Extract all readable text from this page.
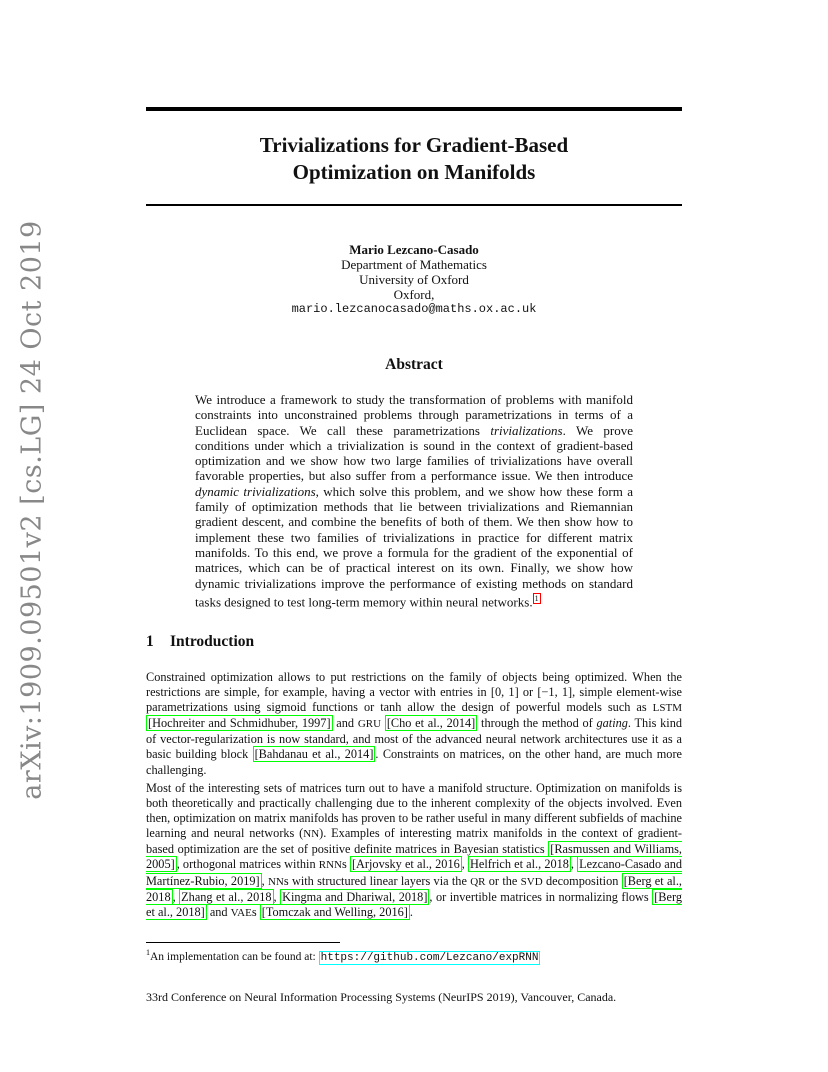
arXiv:1909.09501v2 [cs.LG] 24 Oct 2019
Trivializations for Gradient-Based
Optimization on Manifolds
Mario Lezcano-Casado
Department of Mathematics
University of Oxford
Oxford,
mario.lezcanocasado@maths.ox.ac.uk
Abstract
We introduce a framework to study the transformation of problems with manifold constraints into unconstrained problems through parametrizations in terms of a Euclidean space. We call these parametrizations trivializations. We prove conditions under which a trivialization is sound in the context of gradient-based optimization and we show how two large families of trivializations have overall favorable properties, but also suffer from a performance issue. We then introduce dynamic trivializations, which solve this problem, and we show how these form a family of optimization methods that lie between trivializations and Riemannian gradient descent, and combine the benefits of both of them. We then show how to implement these two families of trivializations in practice for different matrix manifolds. To this end, we prove a formula for the gradient of the exponential of matrices, which can be of practical interest on its own. Finally, we show how dynamic trivializations improve the performance of existing methods on standard tasks designed to test long-term memory within neural networks. $^1$
1 Introduction
Constrained optimization allows to put restrictions on the family of objects being optimized. When the restrictions are simple, for example, having a vector with entries in [0, 1] or [−1, 1], simple element-wise parametrizations using sigmoid functions or tanh allow the design of powerful models such as LSTM [Hochreiter and Schmidhuber, 1997] and GRU [Cho et al., 2014] through the method of gating. This kind of vector-regularization is now standard, and most of the advanced neural network architectures use it as a basic building block [Bahdanau et al., 2014] . Constraints on matrices, on the other hand, are much more challenging.
Most of the interesting sets of matrices turn out to have a manifold structure. Optimization on manifolds is both theoretically and practically challenging due to the inherent complexity of the objects involved. Even then, optimization on matrix manifolds has proven to be rather useful in many different subfields of machine learning and neural networks (NN). Examples of interesting matrix manifolds in the context of gradient-based optimization are the set of positive definite matrices in Bayesian statistics [Rasmussen and Williams, 2005] , orthogonal matrices within RNNs [Arjovsky et al., 2016 , Helfrich et al., 2018 , Lezcano-Casado and Martínez-Rubio, 2019] , NNs with structured linear layers via the QR or the SVD decomposition [Berg et al., 2018 , Zhang et al., 2018 , Kingma and Dhariwal, 2018] , or invertible matrices in normalizing flows [Berg et al., 2018] and VAEs [Tomczak and Welling, 2016] .
$^1$An implementation can be found at: https://github.com/Lezcano/expRNN
33rd Conference on Neural Information Processing Systems (NeurIPS 2019), Vancouver, Canada.
